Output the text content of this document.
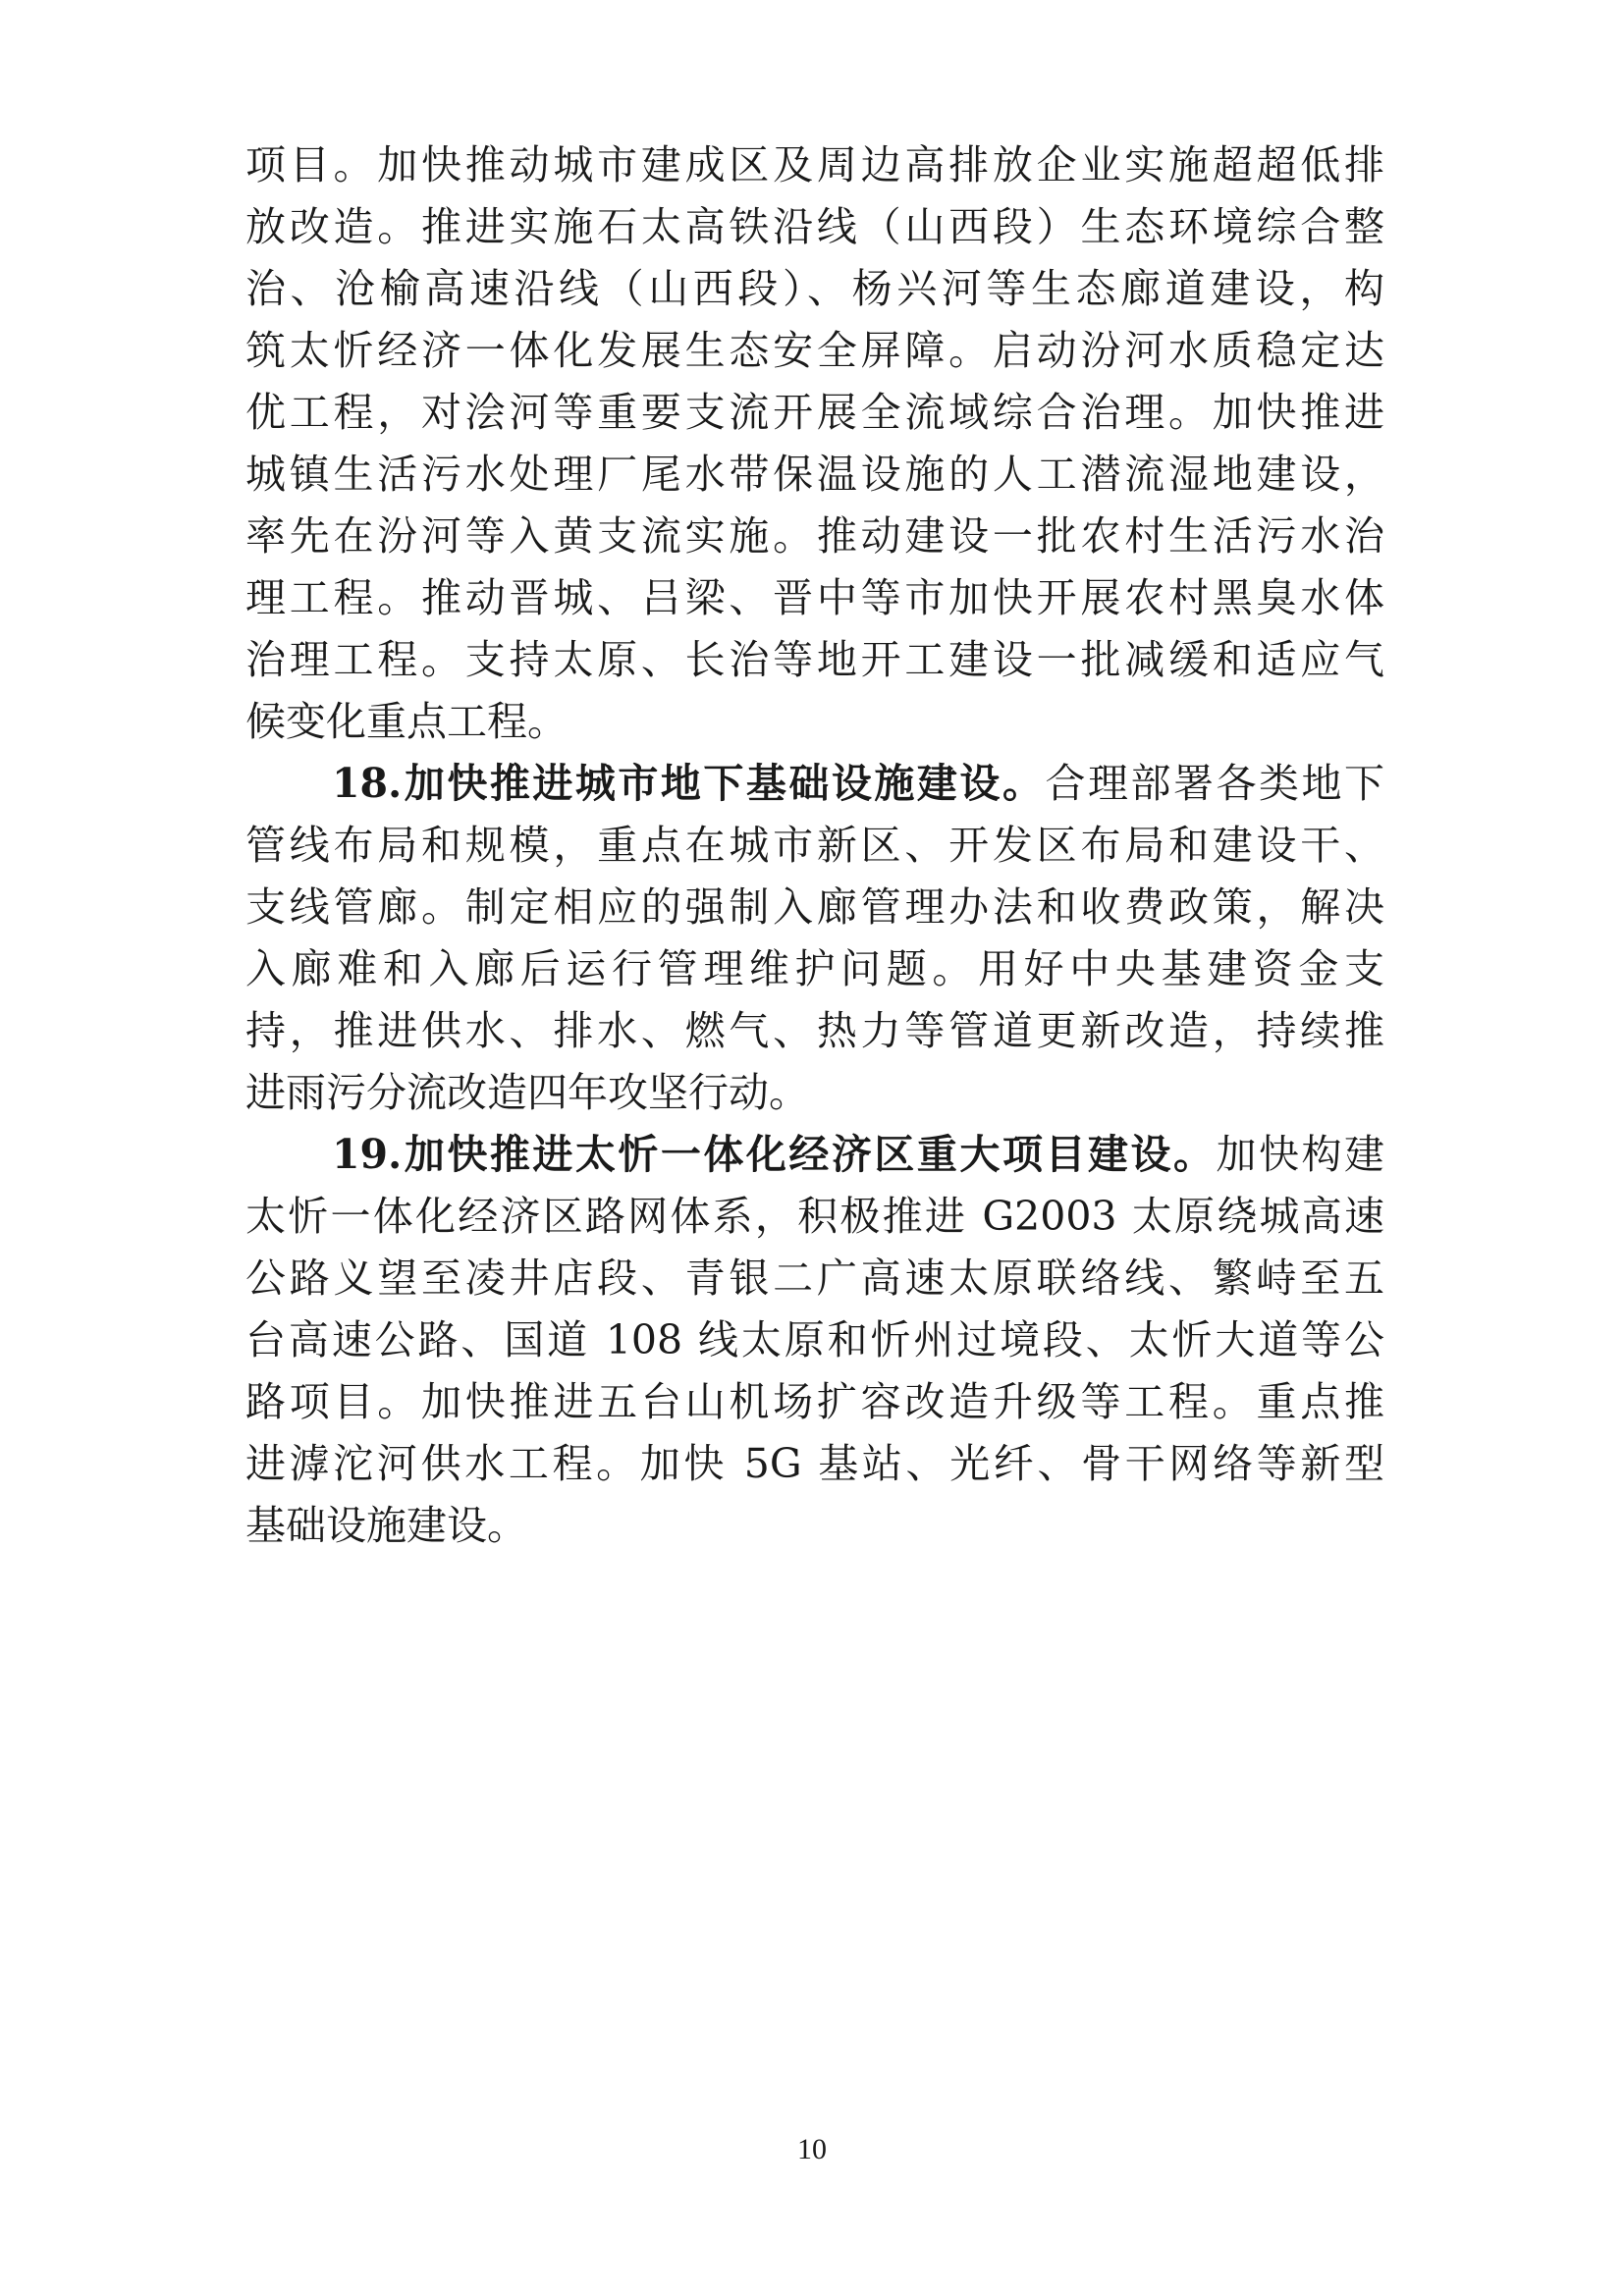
项目。加快推动城市建成区及周边高排放企业实施超超低排
放改造。推进实施石太高铁沿线（山西段）生态环境综合整
治、沧榆高速沿线（山西段）、杨兴河等生态廊道建设，构
筑太忻经济一体化发展生态安全屏障。启动汾河水质稳定达
优工程，对浍河等重要支流开展全流域综合治理。加快推进
城镇生活污水处理厂尾水带保温设施的人工潜流湿地建设，
率先在汾河等入黄支流实施。推动建设一批农村生活污水治
理工程。推动晋城、吕梁、晋中等市加快开展农村黑臭水体
治理工程。支持太原、长治等地开工建设一批减缓和适应气
候变化重点工程。
18.加快推进城市地下基础设施建设。合理部署各类地下
管线布局和规模，重点在城市新区、开发区布局和建设干、
支线管廊。制定相应的强制入廊管理办法和收费政策，解决
入廊难和入廊后运行管理维护问题。用好中央基建资金支
持，推进供水、排水、燃气、热力等管道更新改造，持续推
进雨污分流改造四年攻坚行动。
19.加快推进太忻一体化经济区重大项目建设。加快构建
太忻一体化经济区路网体系，积极推进 G2003 太原绕城高速
公路义望至凌井店段、青银二广高速太原联络线、繁峙至五
台高速公路、国道 108 线太原和忻州过境段、太忻大道等公
路项目。加快推进五台山机场扩容改造升级等工程。重点推
进滹沱河供水工程。加快 5G 基站、光纤、骨干网络等新型
基础设施建设。
10
